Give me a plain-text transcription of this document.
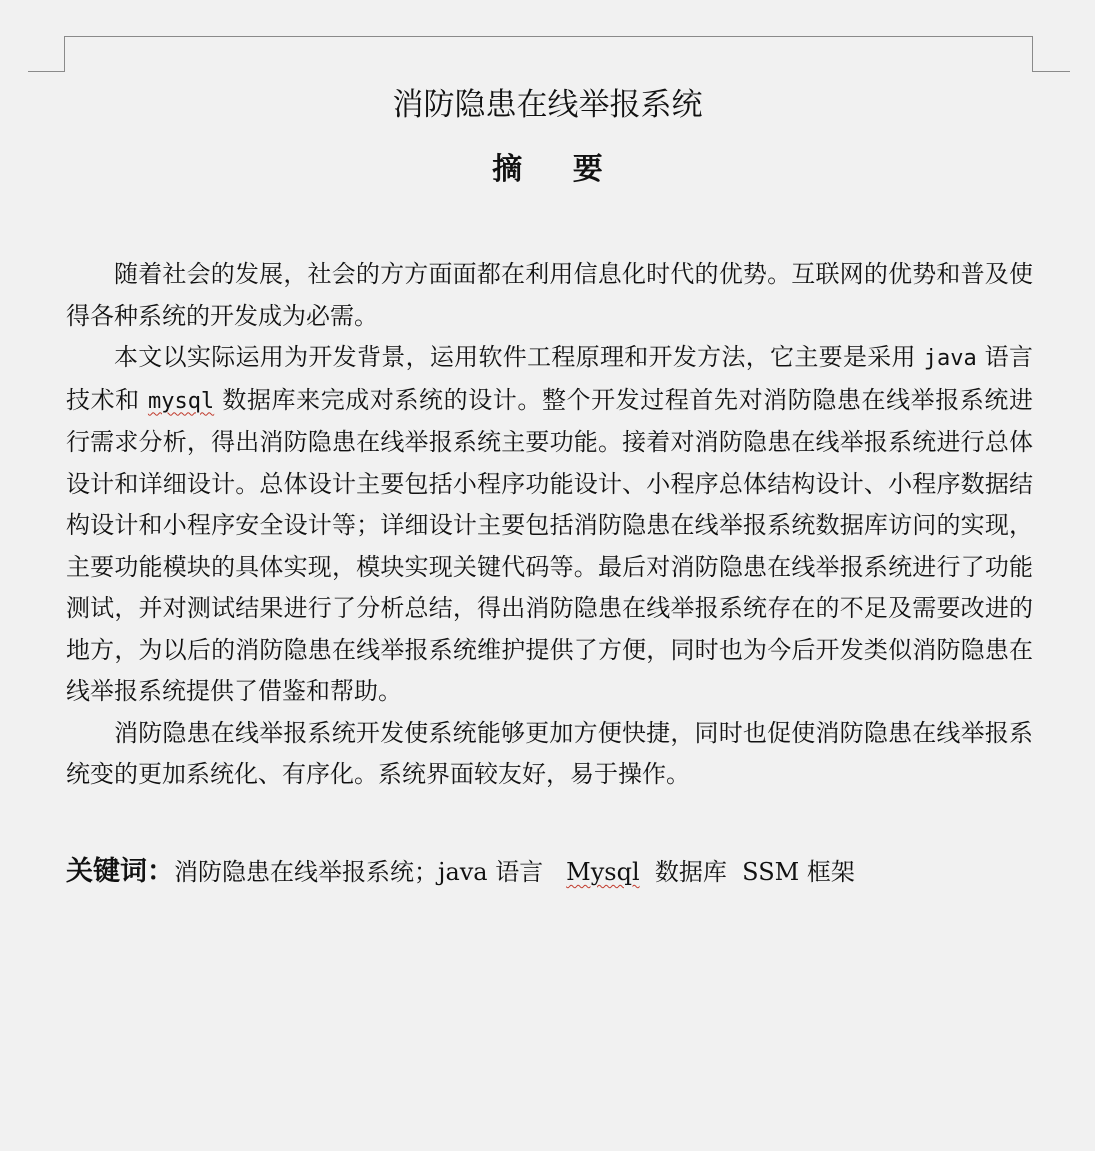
消防隐患在线举报系统
摘 要

随着社会的发展，社会的方方面面都在利用信息化时代的优势。互联网的优势和普及使得各种系统的开发成为必需。

本文以实际运用为开发背景，运用软件工程原理和开发方法，它主要是采用 java 语言技术和 mysql 数据库来完成对系统的设计。整个开发过程首先对消防隐患在线举报系统进行需求分析，得出消防隐患在线举报系统主要功能。接着对消防隐患在线举报系统进行总体设计和详细设计。总体设计主要包括小程序功能设计、小程序总体结构设计、小程序数据结构设计和小程序安全设计等；详细设计主要包括消防隐患在线举报系统数据库访问的实现，主要功能模块的具体实现，模块实现关键代码等。最后对消防隐患在线举报系统进行了功能测试，并对测试结果进行了分析总结，得出消防隐患在线举报系统存在的不足及需要改进的地方，为以后的消防隐患在线举报系统维护提供了方便，同时也为今后开发类似消防隐患在线举报系统提供了借鉴和帮助。

消防隐患在线举报系统开发使系统能够更加方便快捷，同时也促使消防隐患在线举报系统变的更加系统化、有序化。系统界面较友好，易于操作。

关键词：消防隐患在线举报系统；java 语言 Mysql 数据库 SSM 框架
